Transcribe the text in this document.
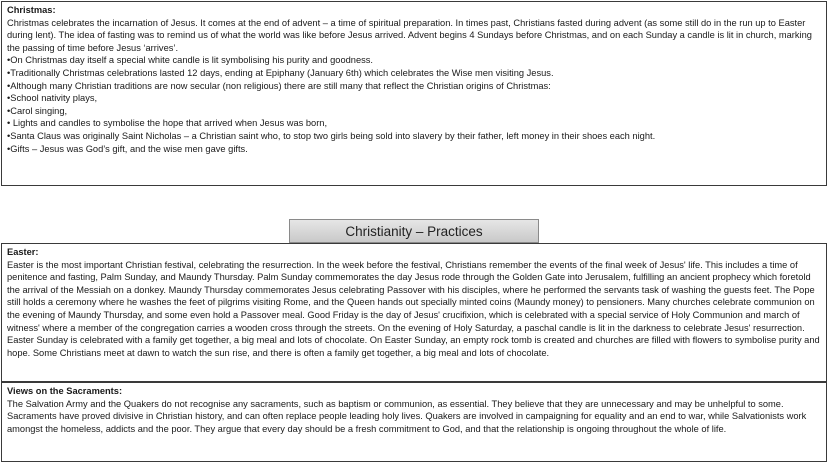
Christmas:

Christmas celebrates the incarnation of Jesus. It comes at the end of advent – a time of spiritual preparation. In times past, Christians fasted during advent (as some still do in the run up to Easter during lent). The idea of fasting was to remind us of what the world was like before Jesus arrived. Advent begins 4 Sundays before Christmas, and on each Sunday a candle is lit in church, marking the passing of time before Jesus ‘arrives’.

•On Christmas day itself a special white candle is lit symbolising his purity and goodness.

•Traditionally Christmas celebrations lasted 12 days, ending at Epiphany (January 6th) which celebrates the Wise men visiting Jesus.

•Although many Christian traditions are now secular (non religious) there are still many that reflect the Christian origins of Christmas:

•School nativity plays,

•Carol singing,

• Lights and candles to symbolise the hope that arrived when Jesus was born,

•Santa Claus was originally Saint Nicholas – a Christian saint who, to stop two girls being sold into slavery by their father, left money in their shoes each night.

•Gifts – Jesus was God’s gift, and the wise men gave gifts.

Christianity – Practices

Easter:

Easter is the most important Christian festival, celebrating the resurrection. In the week before the festival, Christians remember the events of the final week of Jesus' life. This includes a time of penitence and fasting, Palm Sunday, and Maundy Thursday. Palm Sunday commemorates the day Jesus rode through the Golden Gate into Jerusalem, fulfilling an ancient prophecy which foretold the arrival of the Messiah on a donkey. Maundy Thursday commemorates Jesus celebrating Passover with his disciples, where he performed the servants task of washing the guests feet. The Pope still holds a ceremony where he washes the feet of pilgrims visiting Rome, and the Queen hands out specially minted coins (Maundy money) to pensioners. Many churches celebrate communion on the evening of Maundy Thursday, and some even hold a Passover meal. Good Friday is the day of Jesus' crucifixion, which is celebrated with a special service of Holy Communion and march of witness' where a member of the congregation carries a wooden cross through the streets. On the evening of Holy Saturday, a paschal candle is lit in the darkness to celebrate Jesus' resurrection. Easter Sunday is celebrated with a family get together, a big meal and lots of chocolate. On Easter Sunday, an empty rock tomb is created and churches are filled with flowers to symbolise purity and hope. Some Christians meet at dawn to watch the sun rise, and there is often a family get together, a big meal and lots of chocolate.

Views on the Sacraments:

The Salvation Army and the Quakers do not recognise any sacraments, such as baptism or communion, as essential. They believe that they are unnecessary and may be unhelpful to some. Sacraments have proved divisive in Christian history, and can often replace people leading holy lives. Quakers are involved in campaigning for equality and an end to war, while Salvationists work amongst the homeless, addicts and the poor. They argue that every day should be a fresh commitment to God, and that the relationship is ongoing throughout the whole of life.
